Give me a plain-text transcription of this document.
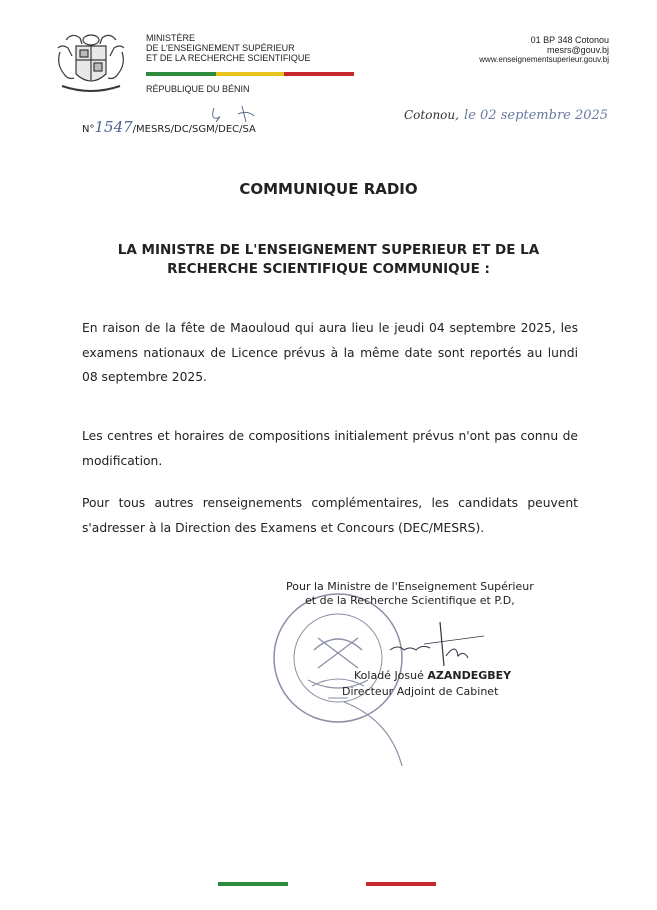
MINISTÈRE
DE L'ENSEIGNEMENT SUPÉRIEUR
ET DE LA RECHERCHE SCIENTIFIQUE
RÉPUBLIQUE DU BÉNIN
01 BP 348 Cotonou
mesrs@gouv.bj
www.enseignementsuperieur.gouv.bj
N°1547/MESRS/DC/SGM/DEC/SA
Cotonou, le 02 septembre 2025
COMMUNIQUE RADIO
LA MINISTRE DE L'ENSEIGNEMENT SUPERIEUR ET DE LA
RECHERCHE SCIENTIFIQUE COMMUNIQUE :
En raison de la fête de Maouloud qui aura lieu le jeudi 04 septembre 2025, les examens nationaux de Licence prévus à la même date sont reportés au lundi 08 septembre 2025.
Les centres et horaires de compositions initialement prévus n'ont pas connu de modification.
Pour tous autres renseignements complémentaires, les candidats peuvent s'adresser à la Direction des Examens et Concours (DEC/MESRS).
Pour la Ministre de l'Enseignement Supérieur
et de la Recherche Scientifique et P.D,
Koladé Josué AZANDEGBEY
Directeur Adjoint de Cabinet
